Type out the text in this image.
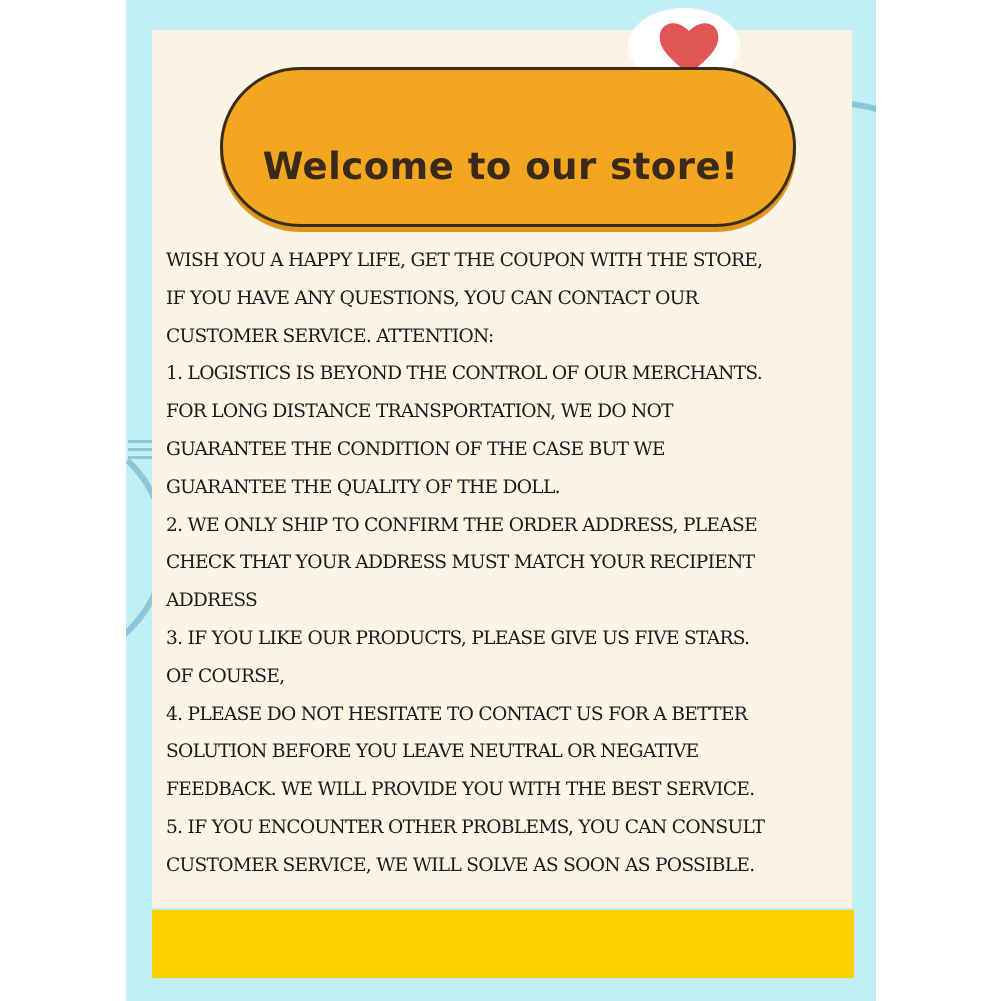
Welcome to our store!
WISH YOU A HAPPY LIFE, GET THE COUPON WITH THE STORE,
IF YOU HAVE ANY QUESTIONS, YOU CAN CONTACT OUR
CUSTOMER SERVICE. ATTENTION:
1. LOGISTICS IS BEYOND THE CONTROL OF OUR MERCHANTS.
FOR LONG DISTANCE TRANSPORTATION, WE DO NOT
GUARANTEE THE CONDITION OF THE CASE BUT WE
GUARANTEE THE QUALITY OF THE DOLL.
2. WE ONLY SHIP TO CONFIRM THE ORDER ADDRESS, PLEASE
CHECK THAT YOUR ADDRESS MUST MATCH YOUR RECIPIENT
ADDRESS
3. IF YOU LIKE OUR PRODUCTS, PLEASE GIVE US FIVE STARS.
OF COURSE,
4. PLEASE DO NOT HESITATE TO CONTACT US FOR A BETTER
SOLUTION BEFORE YOU LEAVE NEUTRAL OR NEGATIVE
FEEDBACK. WE WILL PROVIDE YOU WITH THE BEST SERVICE.
5. IF YOU ENCOUNTER OTHER PROBLEMS, YOU CAN CONSULT
CUSTOMER SERVICE, WE WILL SOLVE AS SOON AS POSSIBLE.
